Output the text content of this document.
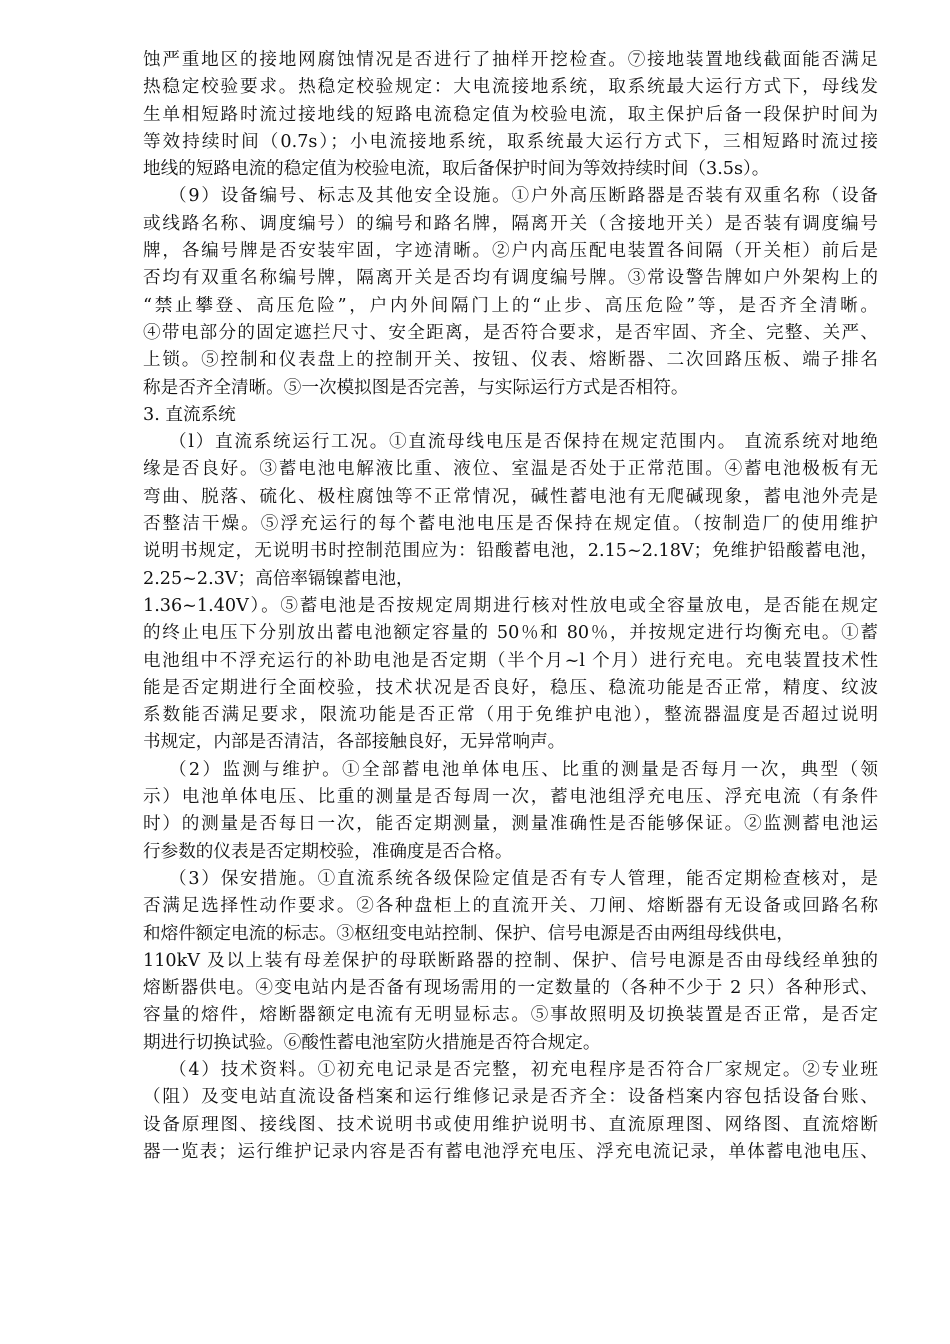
蚀严重地区的接地网腐蚀情况是否进行了抽样开挖检查。⑦接地装置地线截面能否满足
热稳定校验要求。热稳定校验规定：大电流接地系统，取系统最大运行方式下，母线发
生单相短路时流过接地线的短路电流稳定值为校验电流，取主保护后备一段保护时间为
等效持续时间（0.7s）；小电流接地系统，取系统最大运行方式下，三相短路时流过接
地线的短路电流的稳定值为校验电流，取后备保护时间为等效持续时间（3.5s）。
（9）设备编号、标志及其他安全设施。①户外高压断路器是否装有双重名称（设备
或线路名称、调度编号）的编号和路名牌，隔离开关（含接地开关）是否装有调度编号
牌，各编号牌是否安装牢固，字迹清晰。②户内高压配电装置各间隔（开关柜）前后是
否均有双重名称编号牌，隔离开关是否均有调度编号牌。③常设警告牌如户外架构上的
“禁止攀登、高压危险”，户内外间隔门上的“止步、高压危险”等，是否齐全清晰。
④带电部分的固定遮拦尺寸、安全距离，是否符合要求，是否牢固、齐全、完整、关严、
上锁。⑤控制和仪表盘上的控制开关、按钮、仪表、熔断器、二次回路压板、端子排名
称是否齐全清晰。⑤一次模拟图是否完善，与实际运行方式是否相符。
3. 直流系统
（l）直流系统运行工况。①直流母线电压是否保持在规定范围内。 直流系统对地绝
缘是否良好。③蓄电池电解液比重、液位、室温是否处于正常范围。④蓄电池极板有无
弯曲、脱落、硫化、极柱腐蚀等不正常情况，碱性蓄电池有无爬碱现象，蓄电池外壳是
否整洁干燥。⑤浮充运行的每个蓄电池电压是否保持在规定值。（按制造厂的使用维护
说明书规定，无说明书时控制范围应为：铅酸蓄电池，2.15~2.18V；免维护铅酸蓄电池，
2.25~2.3V；高倍率镉镍蓄电池，
1.36~1.40V）。⑤蓄电池是否按规定周期进行核对性放电或全容量放电，是否能在规定
的终止电压下分别放出蓄电池额定容量的 50％和 80％，并按规定进行均衡充电。①蓄
电池组中不浮充运行的补助电池是否定期（半个月~l 个月）进行充电。充电装置技术性
能是否定期进行全面校验，技术状况是否良好，稳压、稳流功能是否正常，精度、纹波
系数能否满足要求，限流功能是否正常（用于免维护电池），整流器温度是否超过说明
书规定，内部是否清洁，各部接触良好，无异常响声。
（2）监测与维护。①全部蓄电池单体电压、比重的测量是否每月一次，典型（领
示）电池单体电压、比重的测量是否每周一次，蓄电池组浮充电压、浮充电流（有条件
时）的测量是否每日一次，能否定期测量，测量准确性是否能够保证。②监测蓄电池运
行参数的仪表是否定期校验，准确度是否合格。
（3）保安措施。①直流系统各级保险定值是否有专人管理，能否定期检查核对，是
否满足选择性动作要求。②各种盘柜上的直流开关、刀闸、熔断器有无设备或回路名称
和熔件额定电流的标志。③枢纽变电站控制、保护、信号电源是否由两组母线供电，
110kV 及以上装有母差保护的母联断路器的控制、保护、信号电源是否由母线经单独的
熔断器供电。④变电站内是否备有现场需用的一定数量的（各种不少于 2 只）各种形式、
容量的熔件，熔断器额定电流有无明显标志。⑤事故照明及切换装置是否正常，是否定
期进行切换试验。⑥酸性蓄电池室防火措施是否符合规定。
（4）技术资料。①初充电记录是否完整，初充电程序是否符合厂家规定。②专业班
（阻）及变电站直流设备档案和运行维修记录是否齐全：设备档案内容包括设备台账、
设备原理图、接线图、技术说明书或使用维护说明书、直流原理图、网络图、直流熔断
器一览表；运行维护记录内容是否有蓄电池浮充电压、浮充电流记录，单体蓄电池电压、
